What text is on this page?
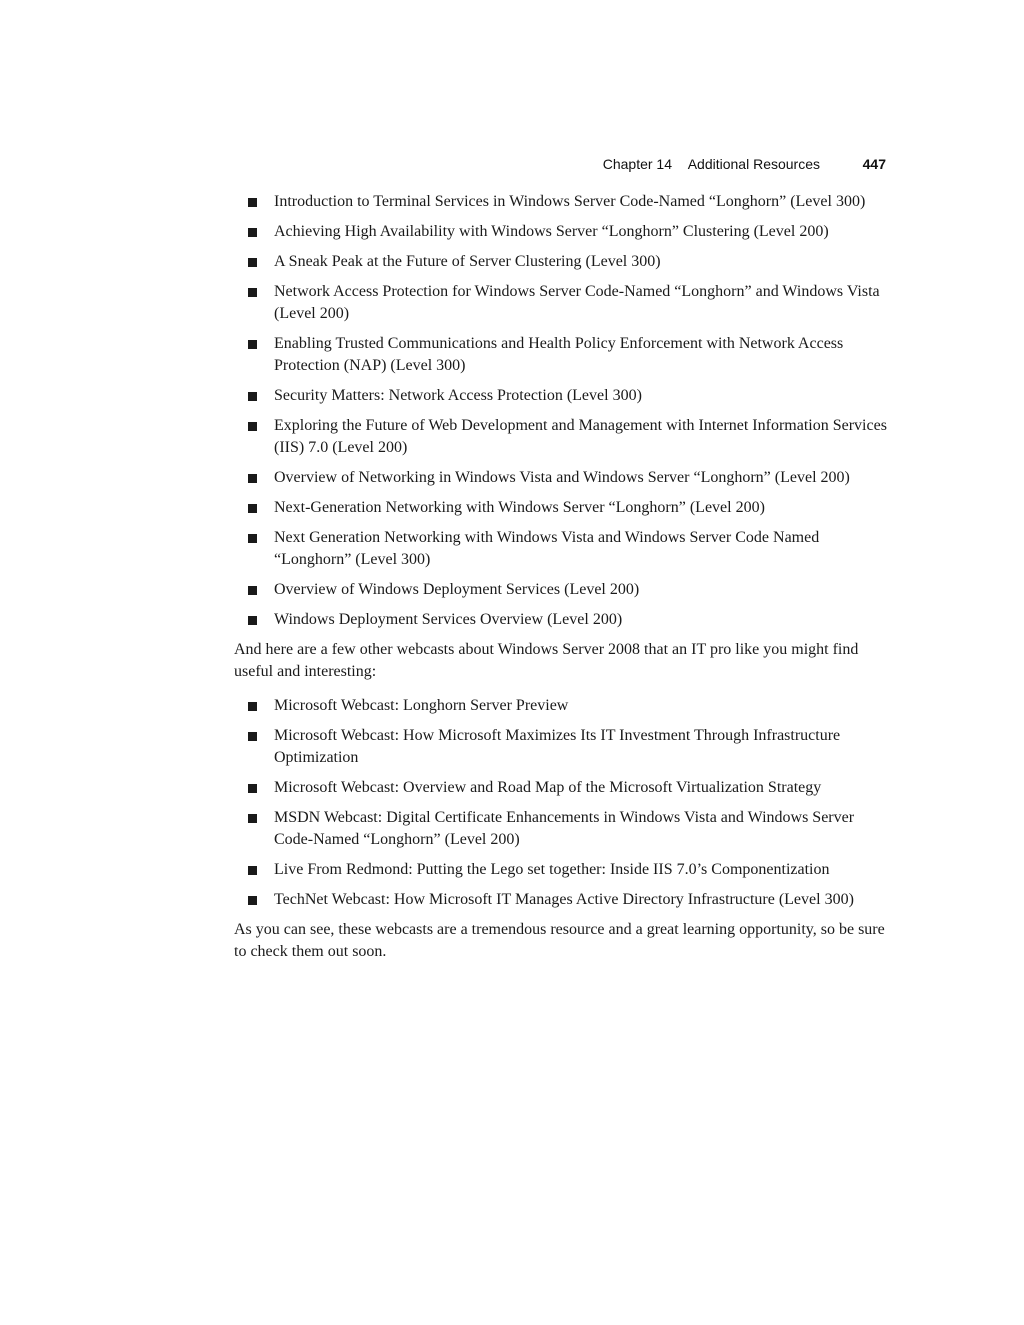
Chapter 14 Additional Resources	447
Introduction to Terminal Services in Windows Server Code-Named “Longhorn” (Level 300)
Achieving High Availability with Windows Server “Longhorn” Clustering (Level 200)
A Sneak Peak at the Future of Server Clustering (Level 300)
Network Access Protection for Windows Server Code-Named “Longhorn” and Windows Vista (Level 200)
Enabling Trusted Communications and Health Policy Enforcement with Network Access Protection (NAP) (Level 300)
Security Matters: Network Access Protection (Level 300)
Exploring the Future of Web Development and Management with Internet Information Services (IIS) 7.0 (Level 200)
Overview of Networking in Windows Vista and Windows Server “Longhorn” (Level 200)
Next-Generation Networking with Windows Server “Longhorn” (Level 200)
Next Generation Networking with Windows Vista and Windows Server Code Named “Longhorn” (Level 300)
Overview of Windows Deployment Services (Level 200)
Windows Deployment Services Overview (Level 200)

And here are a few other webcasts about Windows Server 2008 that an IT pro like you might find useful and interesting:

Microsoft Webcast: Longhorn Server Preview
Microsoft Webcast: How Microsoft Maximizes Its IT Investment Through Infrastructure Optimization
Microsoft Webcast: Overview and Road Map of the Microsoft Virtualization Strategy
MSDN Webcast: Digital Certificate Enhancements in Windows Vista and Windows Server Code-Named “Longhorn” (Level 200)
Live From Redmond: Putting the Lego set together: Inside IIS 7.0’s Componentization
TechNet Webcast: How Microsoft IT Manages Active Directory Infrastructure (Level 300)

As you can see, these webcasts are a tremendous resource and a great learning opportunity, so be sure to check them out soon.
